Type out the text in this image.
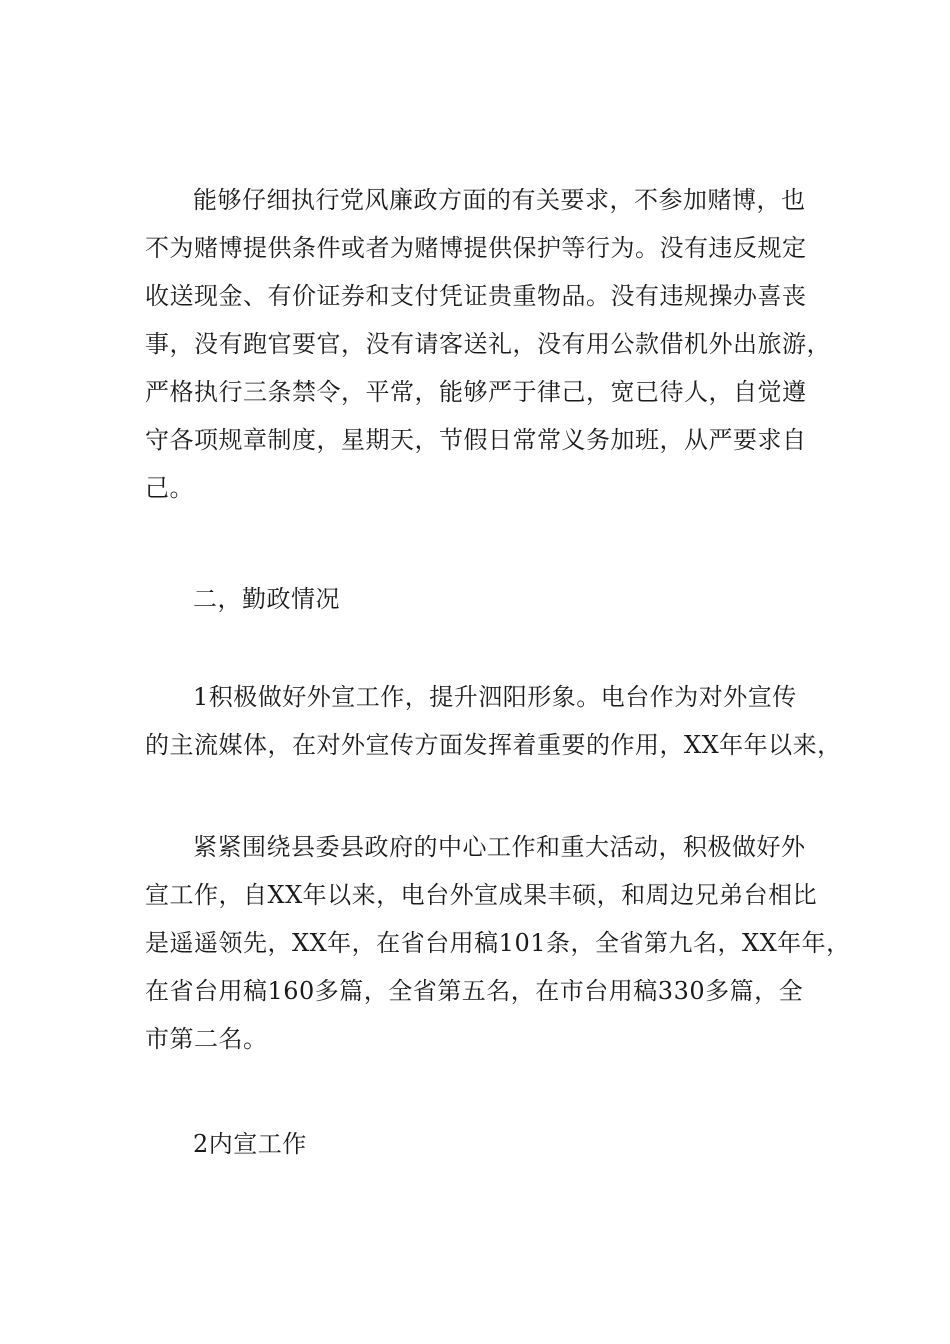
能够仔细执行党风廉政方面的有关要求，不参加赌博，也
不为赌博提供条件或者为赌博提供保护等行为。没有违反规定
收送现金、有价证券和支付凭证贵重物品。没有违规操办喜丧
事，没有跑官要官，没有请客送礼，没有用公款借机外出旅游，
严格执行三条禁令，平常，能够严于律己，宽已待人，自觉遵
守各项规章制度，星期天，节假日常常义务加班，从严要求自
己。

二，勤政情况

1积极做好外宣工作，提升泗阳形象。电台作为对外宣传
的主流媒体，在对外宣传方面发挥着重要的作用，XX年年以来，

紧紧围绕县委县政府的中心工作和重大活动，积极做好外
宣工作，自XX年以来，电台外宣成果丰硕，和周边兄弟台相比
是遥遥领先，XX年，在省台用稿101条，全省第九名，XX年年，
在省台用稿160多篇，全省第五名，在市台用稿330多篇，全
市第二名。

2内宣工作
